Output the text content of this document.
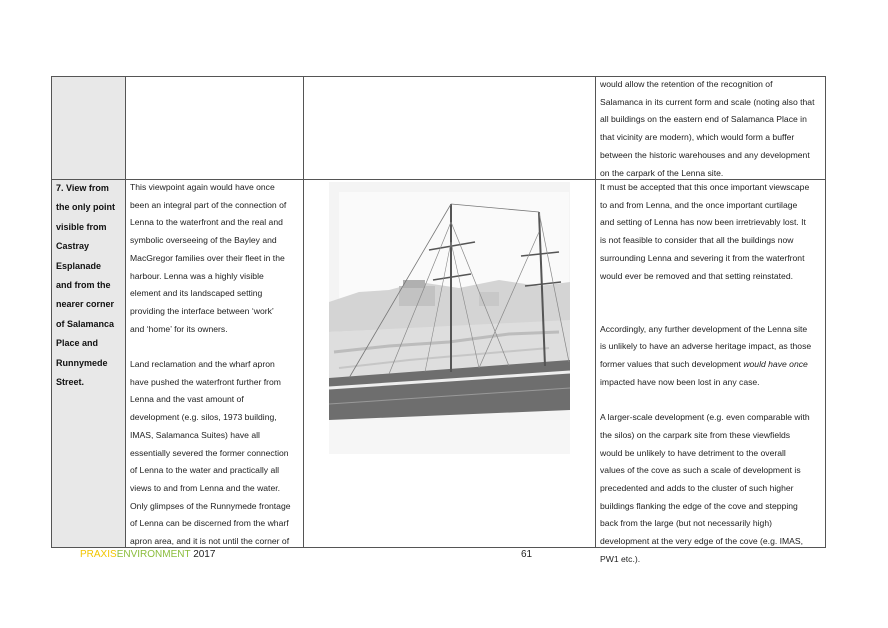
would allow the retention of the recognition of
Salamanca in its current form and scale (noting also that
all buildings on the eastern end of Salamanca Place in
that vicinity are modern), which would form a buffer
between the historic warehouses and any development
on the carpark of the Lenna site.
7. View from
the only point
visible from
Castray
Esplanade
and from the
nearer corner
of Salamanca
Place and
Runnymede
Street.
This viewpoint again would have once
been an integral part of the connection of
Lenna to the waterfront and the real and
symbolic overseeing of the Bayley and
MacGregor families over their fleet in the
harbour. Lenna was a highly visible
element and its landscaped setting
providing the interface between ‘work’
and ‘home’ for its owners.
Land reclamation and the wharf apron
have pushed the waterfront further from
Lenna and the vast amount of
development (e.g. silos, 1973 building,
IMAS, Salamanca Suites) have all
essentially severed the former connection
of Lenna to the water and practically all
views to and from Lenna and the water.
Only glimpses of the Runnymede frontage
of Lenna can be discerned from the wharf
apron area, and it is not until the corner of
It must be accepted that this once important viewscape
to and from Lenna, and the once important curtilage
and setting of Lenna has now been irretrievably lost. It
is not feasible to consider that all the buildings now
surrounding Lenna and severing it from the waterfront
would ever be removed and that setting reinstated.
Accordingly, any further development of the Lenna site
is unlikely to have an adverse heritage impact, as those
former values that such development would have once
impacted have now been lost in any case.
A larger-scale development (e.g. even comparable with
the silos) on the carpark site from these viewfields
would be unlikely to have detriment to the overall
values of the cove as such a scale of development is
precedented and adds to the cluster of such higher
buildings flanking the edge of the cove and stepping
back from the large (but not necessarily high)
development at the very edge of the cove (e.g. IMAS,
PW1 etc.).
PRAXISENVIRONMENT 2017	61
